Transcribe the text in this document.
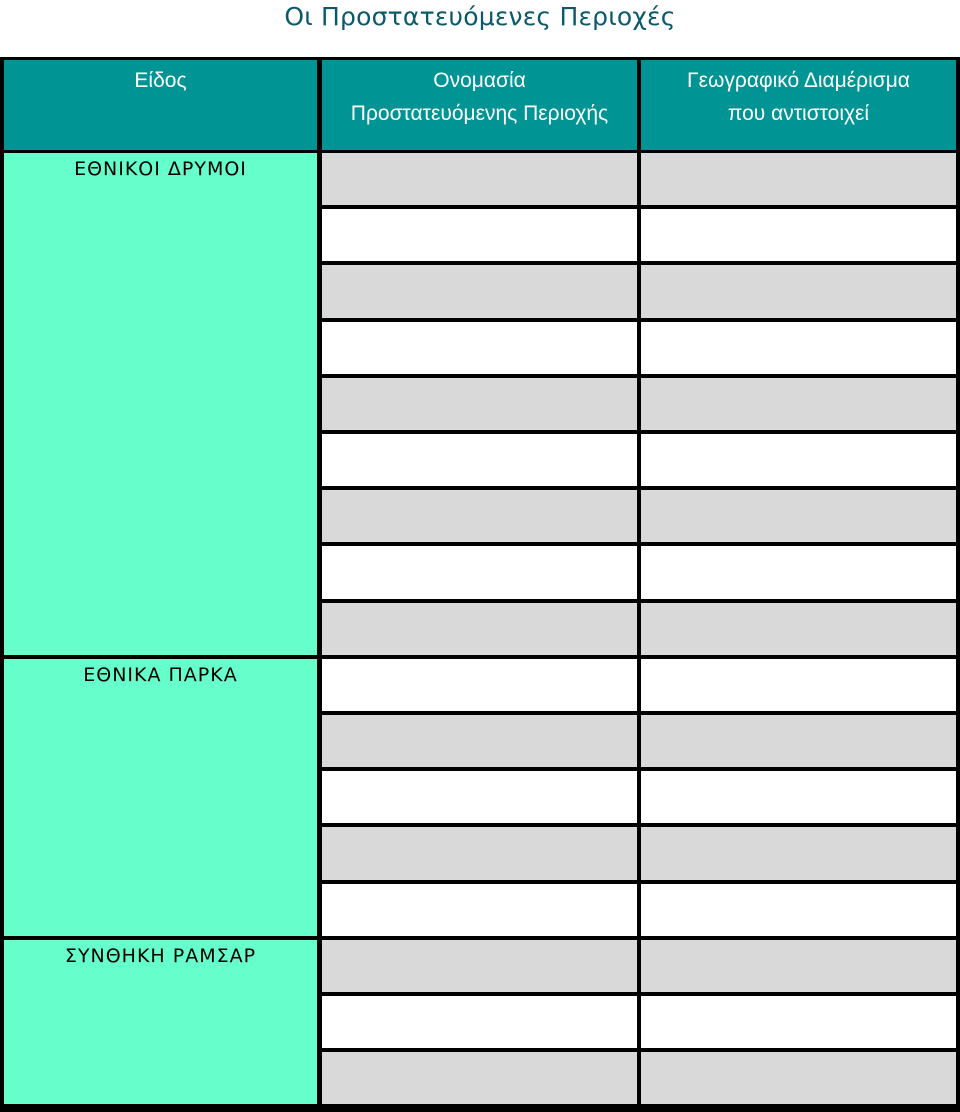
Οι Προστατευόμενες Περιοχές
Είδος	Ονομασία
Προστατευόμενης Περιοχής
Γεωγραφικό Διαμέρισμα
που αντιστοιχεί
ΕΘΝΙΚΟΙ ΔΡΥΜΟΙ
ΕΘΝΙΚΑ ΠΑΡΚΑ
ΣΥΝΘΗΚΗ ΡΑΜΣΑΡ
